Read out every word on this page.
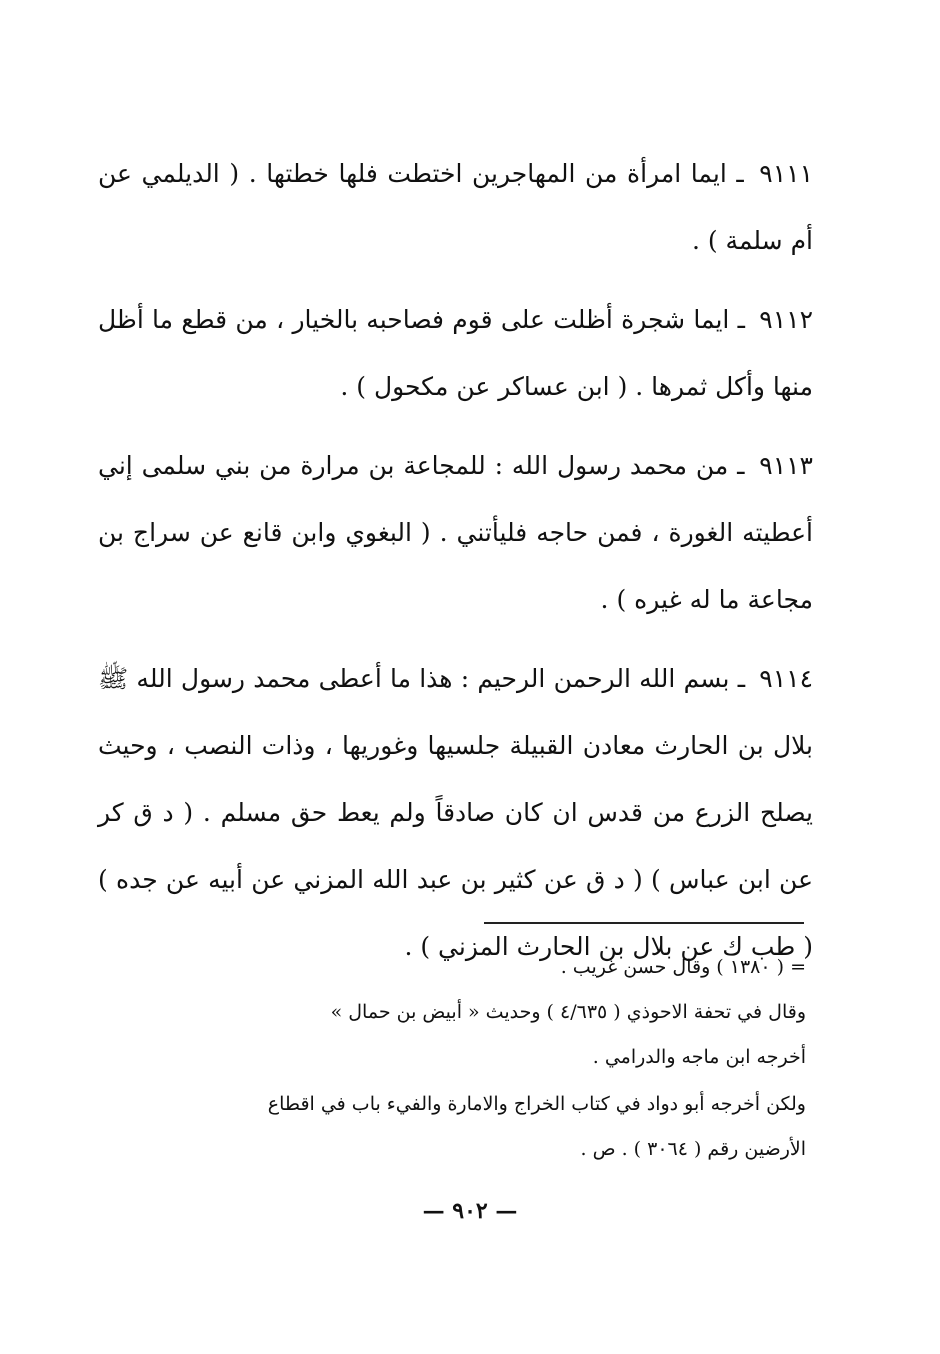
٩١١١ ـ ايما امرأة من المهاجرين اختطت فلها خطتها . ( الديلمي عن أم سلمة ) .

٩١١٢ ـ ايما شجرة أظلت على قوم فصاحبه بالخيار ، من قطع ما أظل منها وأكل ثمرها . ( ابن عساكر عن مكحول ) .

٩١١٣ ـ من محمد رسول الله : للمجاعة بن مرارة من بني سلمى إني أعطيته الغورة ، فمن حاجه فليأتني . ( البغوي وابن قانع عن سراج بن مجاعة ما له غيره ) .

٩١١٤ ـ بسم الله الرحمن الرحيم : هذا ما أعطى محمد رسول الله ﷺ بلال بن الحارث معادن القبيلة جلسيها وغوريها ، وذات النصب ، وحيث يصلح الزرع من قدس ان كان صادقاً ولم يعط حق مسلم . ( د ق كر عن ابن عباس ) ( د ق عن كثير بن عبد الله المزني عن أبيه عن جده ) ( طب ك عن بلال بن الحارث المزني ) .

= ( ١٣٨٠ ) وقال حسن غريب .
وقال في تحفة الاحوذي ( ٤/٦٣٥ ) وحديث « أبيض بن حمال »
أخرجه ابن ماجه والدرامي .
ولكن أخرجه أبو دواد في كتاب الخراج والامارة والفيء باب في اقطاع
الأرضين رقم ( ٣٠٦٤ ) . ص .
— ٩٠٢ —
